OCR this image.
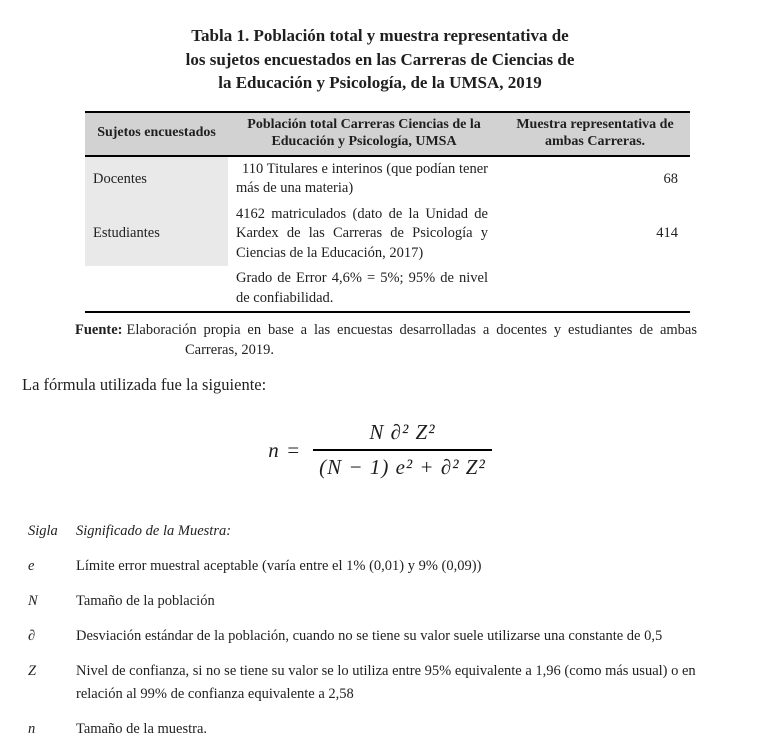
Tabla 1. Población total y muestra representativa de
los sujetos encuestados en las Carreras de Ciencias de
la Educación y Psicología, de la UMSA, 2019
Sujetos encuestados	Población total Carreras Ciencias de la Educación y Psicología, UMSA	Muestra representativa de ambas Carreras.
Docentes	110 Titulares e interinos (que podían tener más de una materia)	68
Estudiantes	4162 matriculados (dato de la Unidad de Kardex de las Carreras de Psicología y Ciencias de la Educación, 2017)	414
	Grado de Error 4,6% = 5%; 95% de nivel de confiabilidad.	

Fuente: Elaboración propia en base a las encuestas desarrolladas a docentes y estudiantes de ambas Carreras, 2019.

La fórmula utilizada fue la siguiente:

$n = \frac{\text{N ∂² Z²}}{\text{(N − 1) e² + ∂² Z²}}$
Sigla	Significado de la Muestra:
e	Límite error muestral aceptable (varía entre el 1% (0,01) y 9% (0,09))
N	Tamaño de la población
∂	Desviación estándar de la población, cuando no se tiene su valor suele utilizarse una constante de 0,5
Z	Nivel de confianza, si no se tiene su valor se lo utiliza entre 95% equivalente a 1,96 (como más usual) o en relación al 99% de confianza equivalente a 2,58
n	Tamaño de la muestra.
